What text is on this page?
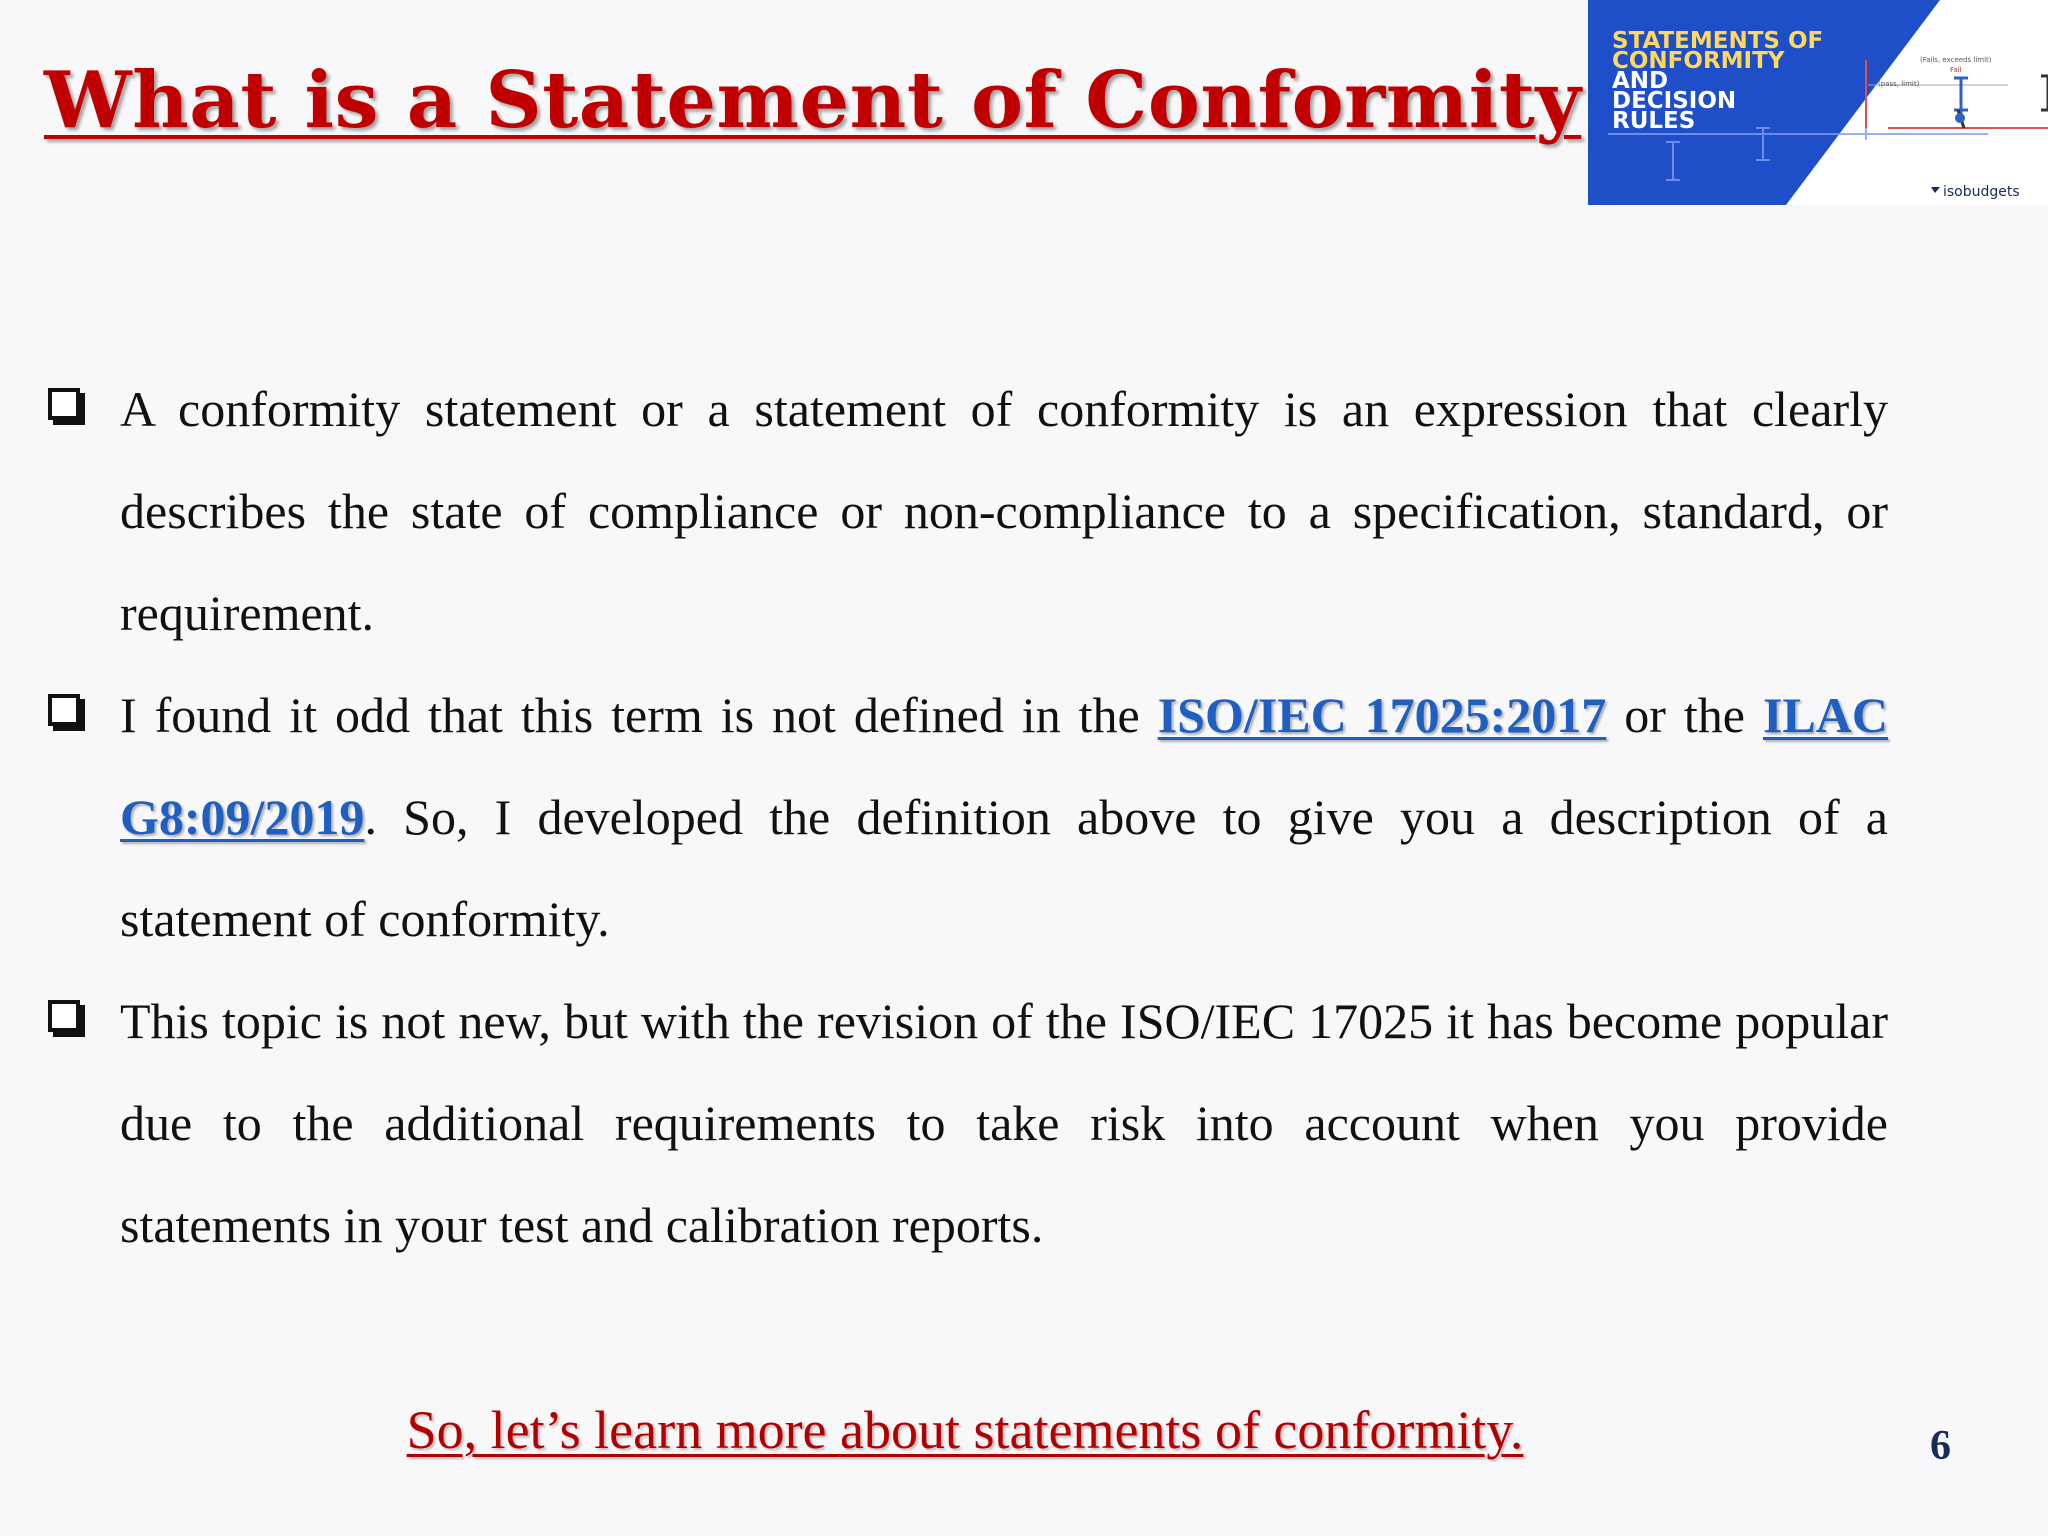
What is a Statement of Conformity
STATEMENTS OF
CONFORMITY
AND
DECISION
RULES
(Fails, exceeds limit)
Fail
(pass, limit)
isobudgets
A conformity statement or a statement of conformity is an expression that clearly describes the state of compliance or non-compliance to a specification, standard, or requirement.
I found it odd that this term is not defined in the ISO/IEC 17025:2017 or the ILAC G8:09/2019. So, I developed the definition above to give you a description of a statement of conformity.
This topic is not new, but with the revision of the ISO/IEC 17025 it has become popular due to the additional requirements to take risk into account when you provide statements in your test and calibration reports.
So, let’s learn more about statements of conformity.	6
